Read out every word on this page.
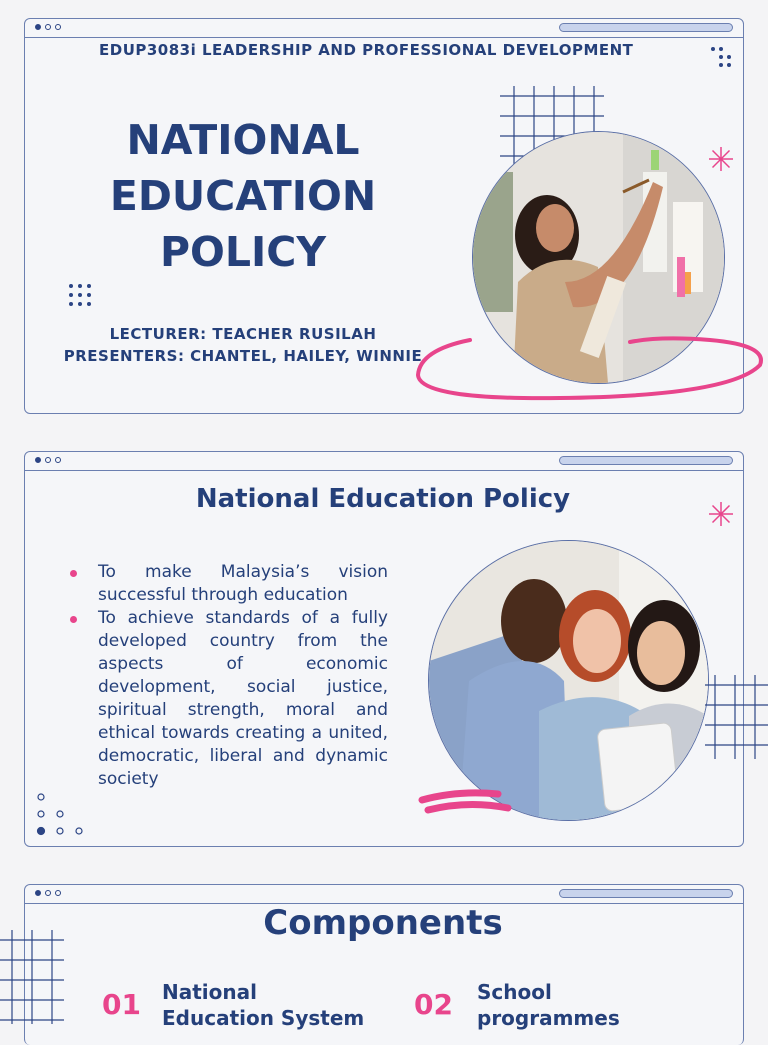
EDUP3083i LEADERSHIP AND PROFESSIONAL DEVELOPMENT
NATIONAL
EDUCATION
POLICY
LECTURER: TEACHER RUSILAH
PRESENTERS: CHANTEL, HAILEY, WINNIE
National Education Policy
To make Malaysia’s vision successful through education
To achieve standards of a fully developed country from the aspects of economic development, social justice, spiritual strength, moral and ethical towards creating a united, democratic, liberal and dynamic society
Components
01 National
Education System 02 School
programmes
